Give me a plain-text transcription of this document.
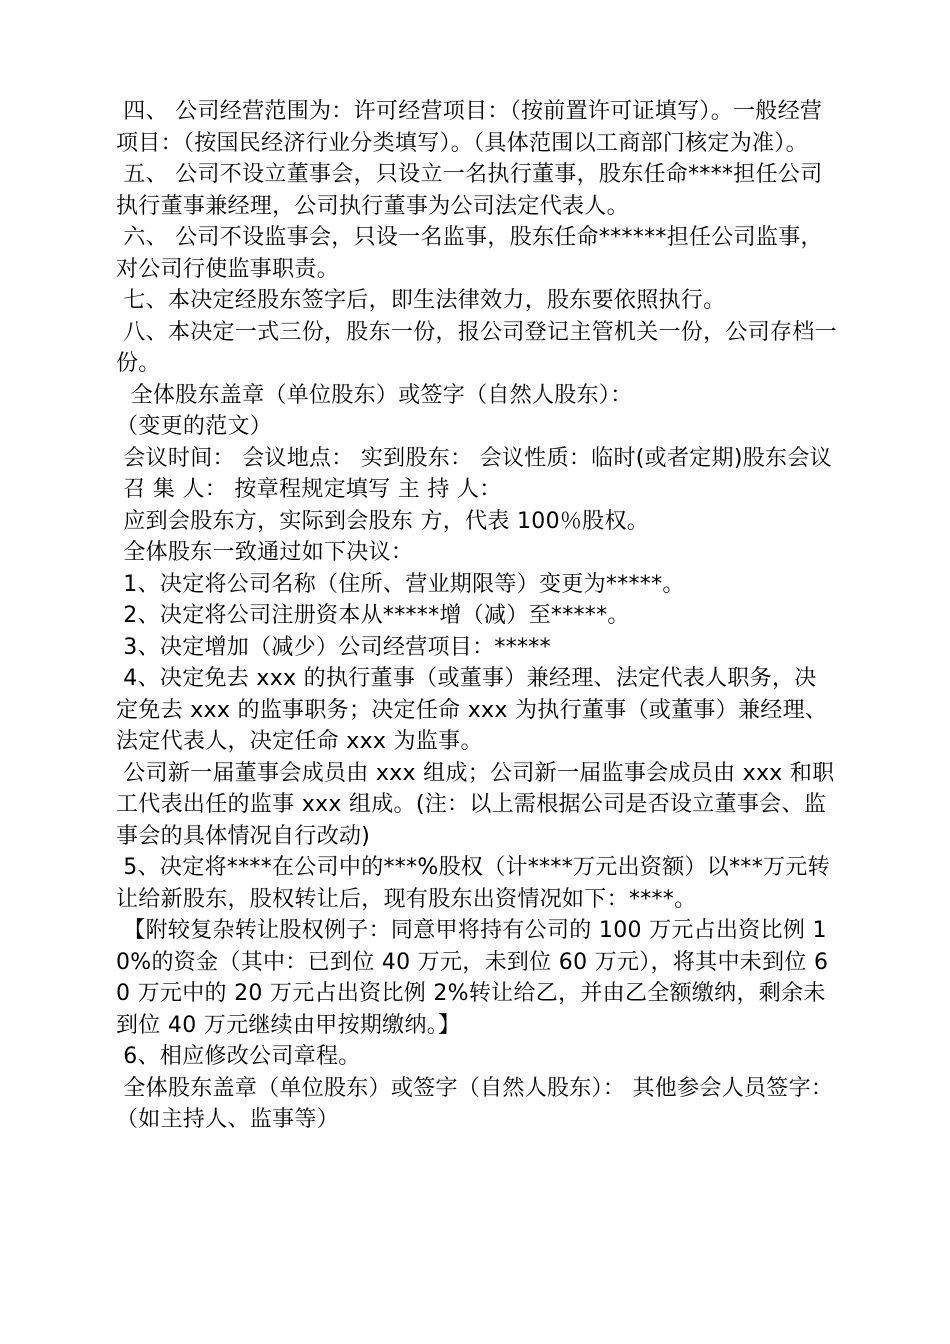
四、 公司经营范围为：许可经营项目：（按前置许可证填写）。一般经营项目：（按国民经济行业分类填写）。（具体范围以工商部门核定为准）。

五、 公司不设立董事会，只设立一名执行董事，股东任命****担任公司执行董事兼经理，公司执行董事为公司法定代表人。

六、 公司不设监事会，只设一名监事，股东任命******担任公司监事，对公司行使监事职责。

七、本决定经股东签字后，即生法律效力，股东要依照执行。

八、本决定一式三份，股东一份，报公司登记主管机关一份，公司存档一份。

全体股东盖章（单位股东）或签字（自然人股东）：

（变更的范文）

会议时间： 会议地点： 实到股东： 会议性质：临时(或者定期)股东会议

召 集 人： 按章程规定填写 主 持 人：

应到会股东方，实际到会股东 方，代表 100％股权。

全体股东一致通过如下决议：

1、决定将公司名称（住所、营业期限等）变更为*****。

2、决定将公司注册资本从*****增（减）至*****。

3、决定增加（减少）公司经营项目：*****

4、决定免去 xxx 的执行董事（或董事）兼经理、法定代表人职务，决定免去 xxx 的监事职务；决定任命 xxx 为执行董事（或董事）兼经理、法定代表人，决定任命 xxx 为监事。

公司新一届董事会成员由 xxx 组成；公司新一届监事会成员由 xxx 和职工代表出任的监事 xxx 组成。(注：以上需根据公司是否设立董事会、监事会的具体情况自行改动)

5、决定将****在公司中的***%股权（计****万元出资额）以***万元转让给新股东，股权转让后，现有股东出资情况如下：****。

【附较复杂转让股权例子：同意甲将持有公司的 100 万元占出资比例 10%的资金（其中：已到位 40 万元，未到位 60 万元），将其中未到位 60 万元中的 20 万元占出资比例 2%转让给乙，并由乙全额缴纳，剩余未到位 40 万元继续由甲按期缴纳。】

6、相应修改公司章程。

全体股东盖章（单位股东）或签字（自然人股东）： 其他参会人员签字：（如主持人、监事等）
